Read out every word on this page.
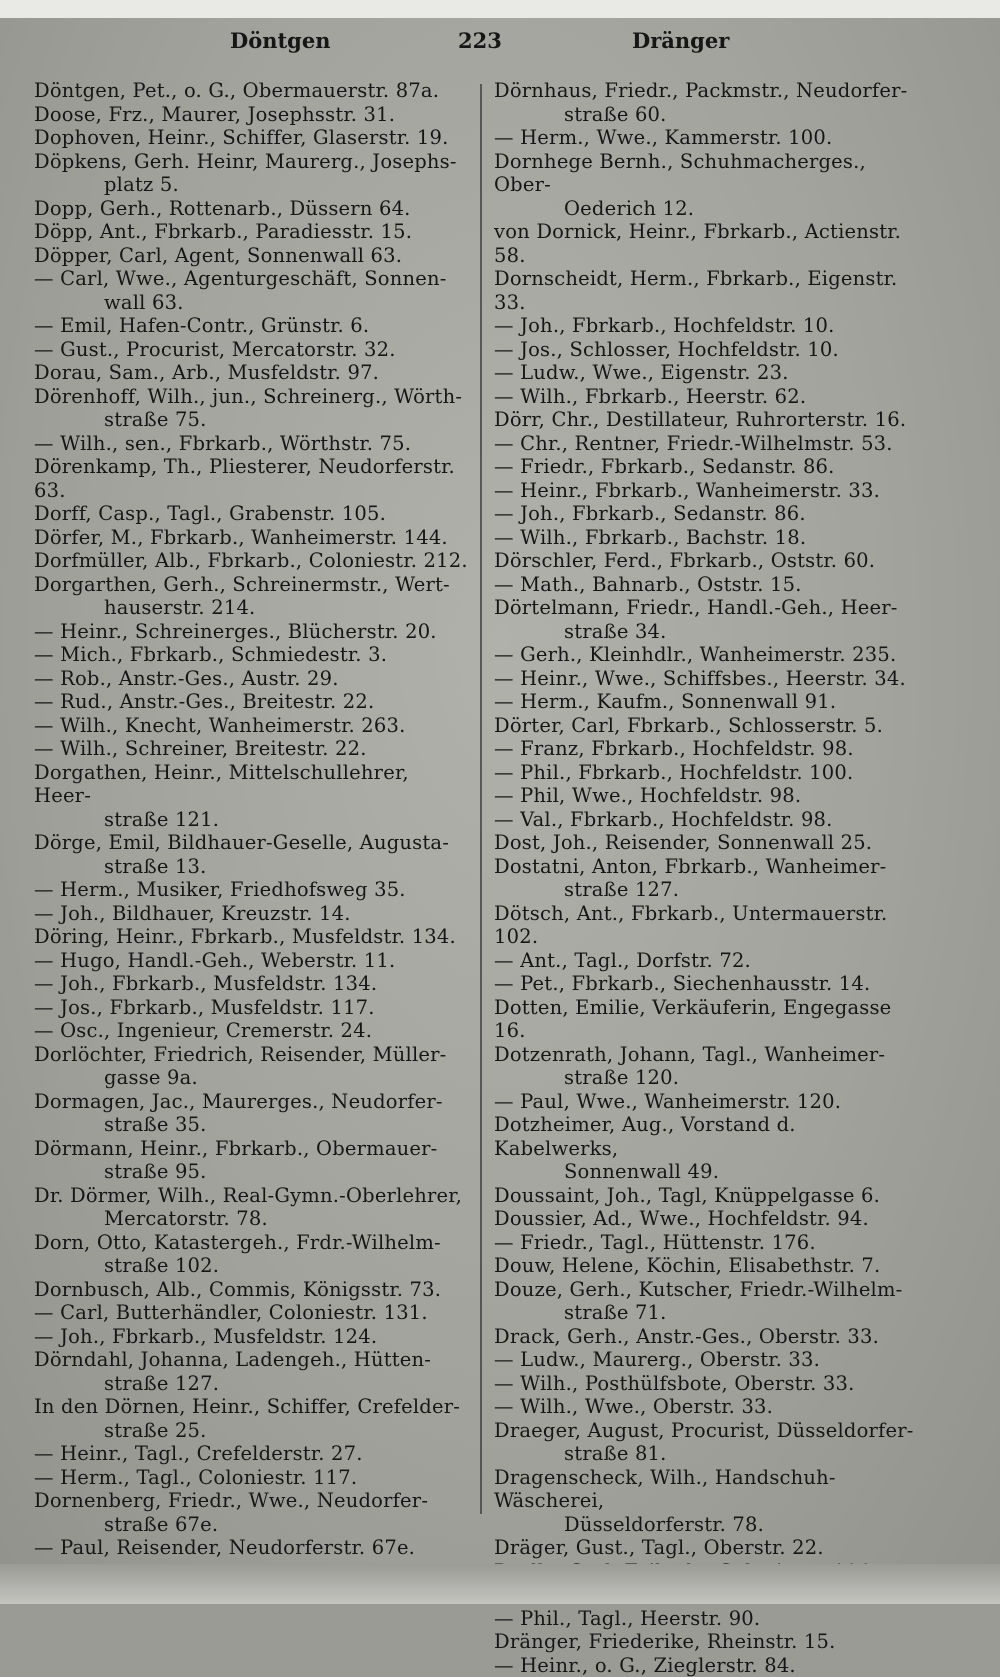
Döntgen	223	Dränger
Döntgen, Pet., o. G., Obermauerstr. 87a.
Doose, Frz., Maurer, Josephsstr. 31.
Dophoven, Heinr., Schiffer, Glaserstr. 19.
Döpkens, Gerh. Heinr, Maurerg., Josephs-
platz 5.
Dopp, Gerh., Rottenarb., Düssern 64.
Döpp, Ant., Fbrkarb., Paradiesstr. 15.
Döpper, Carl, Agent, Sonnenwall 63.
— Carl, Wwe., Agenturgeschäft, Sonnen-
wall 63.
— Emil, Hafen-Contr., Grünstr. 6.
— Gust., Procurist, Mercatorstr. 32.
Dorau, Sam., Arb., Musfeldstr. 97.
Dörenhoff, Wilh., jun., Schreinerg., Wörth-
straße 75.
— Wilh., sen., Fbrkarb., Wörthstr. 75.
Dörenkamp, Th., Pliesterer, Neudorferstr. 63.
Dorff, Casp., Tagl., Grabenstr. 105.
Dörfer, M., Fbrkarb., Wanheimerstr. 144.
Dorfmüller, Alb., Fbrkarb., Coloniestr. 212.
Dorgarthen, Gerh., Schreinermstr., Wert-
hauserstr. 214.
— Heinr., Schreinerges., Blücherstr. 20.
— Mich., Fbrkarb., Schmiedestr. 3.
— Rob., Anstr.-Ges., Austr. 29.
— Rud., Anstr.-Ges., Breitestr. 22.
— Wilh., Knecht, Wanheimerstr. 263.
— Wilh., Schreiner, Breitestr. 22.
Dorgathen, Heinr., Mittelschullehrer, Heer-
straße 121.
Dörge, Emil, Bildhauer-Geselle, Augusta-
straße 13.
— Herm., Musiker, Friedhofsweg 35.
— Joh., Bildhauer, Kreuzstr. 14.
Döring, Heinr., Fbrkarb., Musfeldstr. 134.
— Hugo, Handl.-Geh., Weberstr. 11.
— Joh., Fbrkarb., Musfeldstr. 134.
— Jos., Fbrkarb., Musfeldstr. 117.
— Osc., Ingenieur, Cremerstr. 24.
Dorlöchter, Friedrich, Reisender, Müller-
gasse 9a.
Dormagen, Jac., Maurerges., Neudorfer-
straße 35.
Dörmann, Heinr., Fbrkarb., Obermauer-
straße 95.
Dr. Dörmer, Wilh., Real-Gymn.-Oberlehrer,
Mercatorstr. 78.
Dorn, Otto, Katastergeh., Frdr.-Wilhelm-
straße 102.
Dornbusch, Alb., Commis, Königsstr. 73.
— Carl, Butterhändler, Coloniestr. 131.
— Joh., Fbrkarb., Musfeldstr. 124.
Dörndahl, Johanna, Ladengeh., Hütten-
straße 127.
In den Dörnen, Heinr., Schiffer, Crefelder-
straße 25.
— Heinr., Tagl., Crefelderstr. 27.
— Herm., Tagl., Coloniestr. 117.
Dornenberg, Friedr., Wwe., Neudorfer-
straße 67e.
— Paul, Reisender, Neudorferstr. 67e.
Dörnhaus, Friedr., Packmstr., Neudorfer-
straße 60.
— Herm., Wwe., Kammerstr. 100.
Dornhege Bernh., Schuhmacherges., Ober-
Oederich 12.
von Dornick, Heinr., Fbrkarb., Actienstr. 58.
Dornscheidt, Herm., Fbrkarb., Eigenstr. 33.
— Joh., Fbrkarb., Hochfeldstr. 10.
— Jos., Schlosser, Hochfeldstr. 10.
— Ludw., Wwe., Eigenstr. 23.
— Wilh., Fbrkarb., Heerstr. 62.
Dörr, Chr., Destillateur, Ruhrorterstr. 16.
— Chr., Rentner, Friedr.-Wilhelmstr. 53.
— Friedr., Fbrkarb., Sedanstr. 86.
— Heinr., Fbrkarb., Wanheimerstr. 33.
— Joh., Fbrkarb., Sedanstr. 86.
— Wilh., Fbrkarb., Bachstr. 18.
Dörschler, Ferd., Fbrkarb., Oststr. 60.
— Math., Bahnarb., Oststr. 15.
Dörtelmann, Friedr., Handl.-Geh., Heer-
straße 34.
— Gerh., Kleinhdlr., Wanheimerstr. 235.
— Heinr., Wwe., Schiffsbes., Heerstr. 34.
— Herm., Kaufm., Sonnenwall 91.
Dörter, Carl, Fbrkarb., Schlosserstr. 5.
— Franz, Fbrkarb., Hochfeldstr. 98.
— Phil., Fbrkarb., Hochfeldstr. 100.
— Phil, Wwe., Hochfeldstr. 98.
— Val., Fbrkarb., Hochfeldstr. 98.
Dost, Joh., Reisender, Sonnenwall 25.
Dostatni, Anton, Fbrkarb., Wanheimer-
straße 127.
Dötsch, Ant., Fbrkarb., Untermauerstr. 102.
— Ant., Tagl., Dorfstr. 72.
— Pet., Fbrkarb., Siechenhausstr. 14.
Dotten, Emilie, Verkäuferin, Engegasse 16.
Dotzenrath, Johann, Tagl., Wanheimer-
straße 120.
— Paul, Wwe., Wanheimerstr. 120.
Dotzheimer, Aug., Vorstand d. Kabelwerks,
Sonnenwall 49.
Doussaint, Joh., Tagl, Knüppelgasse 6.
Doussier, Ad., Wwe., Hochfeldstr. 94.
— Friedr., Tagl., Hüttenstr. 176.
Douw, Helene, Köchin, Elisabethstr. 7.
Douze, Gerh., Kutscher, Friedr.-Wilhelm-
straße 71.
Drack, Gerh., Anstr.-Ges., Oberstr. 33.
— Ludw., Maurerg., Oberstr. 33.
— Wilh., Posthülfsbote, Oberstr. 33.
— Wilh., Wwe., Oberstr. 33.
Draeger, August, Procurist, Düsseldorfer-
straße 81.
Dragenscheck, Wilh., Handschuh-Wäscherei,
Düsseldorferstr. 78.
Dräger, Gust., Tagl., Oberstr. 22.
— Phil., Tagl., Heerstr. 90.
Dränger, Friederike, Rheinstr. 15.
— Heinr., o. G., Zieglerstr. 84.
